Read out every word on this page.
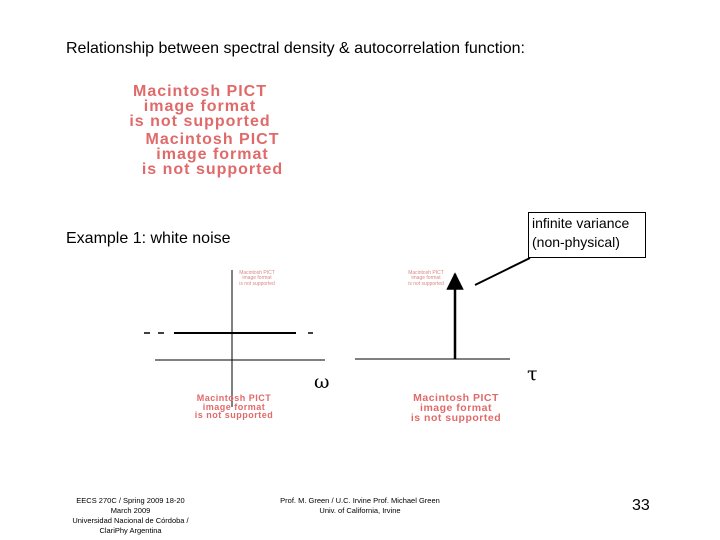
Relationship between spectral density & autocorrelation function:
Macintosh PICT
image format
is not supported
Macintosh PICT
image format
is not supported
Example 1: white noise
infinite variance
(non-physical)
ω	τ
Macintosh PICT
image format
is not supported
Macintosh PICT
image format
is not supported
Macintosh PICT
image format
is not supported
Macintosh PICT
image format
is not supported
EECS 270C / Spring 2009 18-20
March 2009
Universidad Nacional de Córdoba /
ClariPhy Argentina
Prof. M. Green / U.C. Irvine Prof. Michael Green
Univ. of California, Irvine	33
